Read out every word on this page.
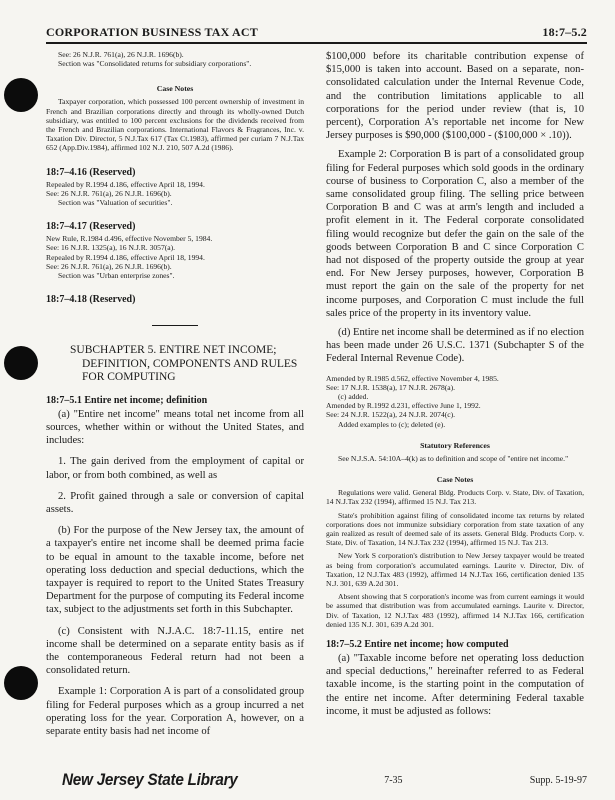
CORPORATION BUSINESS TAX ACT	18:7–5.2

See: 26 N.J.R. 761(a), 26 N.J.R. 1696(b).

Section was "Consolidated returns for subsidiary corporations".

Case Notes

Taxpayer corporation, which possessed 100 percent ownership of investment in French and Brazilian corporations directly and through its wholly-owned Dutch subsidiary, was entitled to 100 percent exclusions for the dividends received from the French and Brazilian corporations. International Flavors & Fragrances, Inc. v. Taxation Div. Director, 5 N.J.Tax 617 (Tax Ct.1983), affirmed per curiam 7 N.J.Tax 652 (App.Div.1984), affirmed 102 N.J. 210, 507 A.2d (1986).

18:7–4.16 (Reserved)

Repealed by R.1994 d.186, effective April 18, 1994.

See: 26 N.J.R. 761(a), 26 N.J.R. 1696(b).

Section was "Valuation of securities".

18:7–4.17 (Reserved)

New Rule, R.1984 d.496, effective November 5, 1984.

See: 16 N.J.R. 1325(a), 16 N.J.R. 3057(a).

Repealed by R.1994 d.186, effective April 18, 1994.

See: 26 N.J.R. 761(a), 26 N.J.R. 1696(b).

Section was "Urban enterprise zones".

18:7–4.18 (Reserved)

SUBCHAPTER 5. ENTIRE NET INCOME; DEFINITION, COMPONENTS AND RULES FOR COMPUTING

18:7–5.1 Entire net income; definition

(a) "Entire net income" means total net income from all sources, whether within or without the United States, and includes:

1. The gain derived from the employment of capital or labor, or from both combined, as well as

2. Profit gained through a sale or conversion of capital assets.

(b) For the purpose of the New Jersey tax, the amount of a taxpayer's entire net income shall be deemed prima facie to be equal in amount to the taxable income, before net operating loss deduction and special deductions, which the taxpayer is required to report to the United States Treasury Department for the purpose of computing its Federal income tax, subject to the adjustments set forth in this Subchapter.

(c) Consistent with N.J.A.C. 18:7-11.15, entire net income shall be determined on a separate entity basis as if the contemporaneous Federal return had not been a consolidated return.

Example 1: Corporation A is part of a consolidated group filing for Federal purposes which as a group incurred a net operating loss for the year. Corporation A, however, on a separate entity basis had net income of

$100,000 before its charitable contribution expense of $15,000 is taken into account. Based on a separate, non-consolidated calculation under the Internal Revenue Code, and the contribution limitations applicable to all corporations for the period under review (that is, 10 percent), Corporation A's reportable net income for New Jersey purposes is $90,000 ($100,000 - ($100,000 × .10)).

Example 2: Corporation B is part of a consolidated group filing for Federal purposes which sold goods in the ordinary course of business to Corporation C, also a member of the same consolidated group filing. The selling price between Corporation B and C was at arm's length and included a profit element in it. The Federal corporate consolidated filing would recognize but defer the gain on the sale of the goods between Corporation B and C since Corporation C had not disposed of the property outside the group at year end. For New Jersey purposes, however, Corporation B must report the gain on the sale of the property for net income purposes, and Corporation C must include the full sales price of the property in its inventory value.

(d) Entire net income shall be determined as if no election has been made under 26 U.S.C. 1371 (Subchapter S of the Federal Internal Revenue Code).

Amended by R.1985 d.562, effective November 4, 1985.

See: 17 N.J.R. 1538(a), 17 N.J.R. 2678(a).

(c) added.

Amended by R.1992 d.231, effective June 1, 1992.

See: 24 N.J.R. 1522(a), 24 N.J.R. 2074(c).

Added examples to (c); deleted (e).

Statutory References

See N.J.S.A. 54:10A–4(k) as to definition and scope of "entire net income."

Case Notes

Regulations were valid. General Bldg. Products Corp. v. State, Div. of Taxation, 14 N.J.Tax 232 (1994), affirmed 15 N.J. Tax 213.

State's prohibition against filing of consolidated income tax returns by related corporations does not immunize subsidiary corporation from state taxation of any gain realized as result of deemed sale of its assets. General Bldg. Products Corp. v. State, Div. of Taxation, 14 N.J.Tax 232 (1994), affirmed 15 N.J. Tax 213.

New York S corporation's distribution to New Jersey taxpayer would be treated as being from corporation's accumulated earnings. Laurite v. Director, Div. of Taxation, 12 N.J.Tax 483 (1992), affirmed 14 N.J.Tax 166, certification denied 135 N.J. 301, 639 A.2d 301.

Absent showing that S corporation's income was from current earnings it would be assumed that distribution was from accumulated earnings. Laurite v. Director, Div. of Taxation, 12 N.J.Tax 483 (1992), affirmed 14 N.J.Tax 166, certification denied 135 N.J. 301, 639 A.2d 301.

18:7–5.2 Entire net income; how computed

(a) "Taxable income before net operating loss deduction and special deductions," hereinafter referred to as Federal taxable income, is the starting point in the computation of the entire net income. After determining Federal taxable income, it must be adjusted as follows:

New Jersey State Library	7-35	Supp. 5-19-97
